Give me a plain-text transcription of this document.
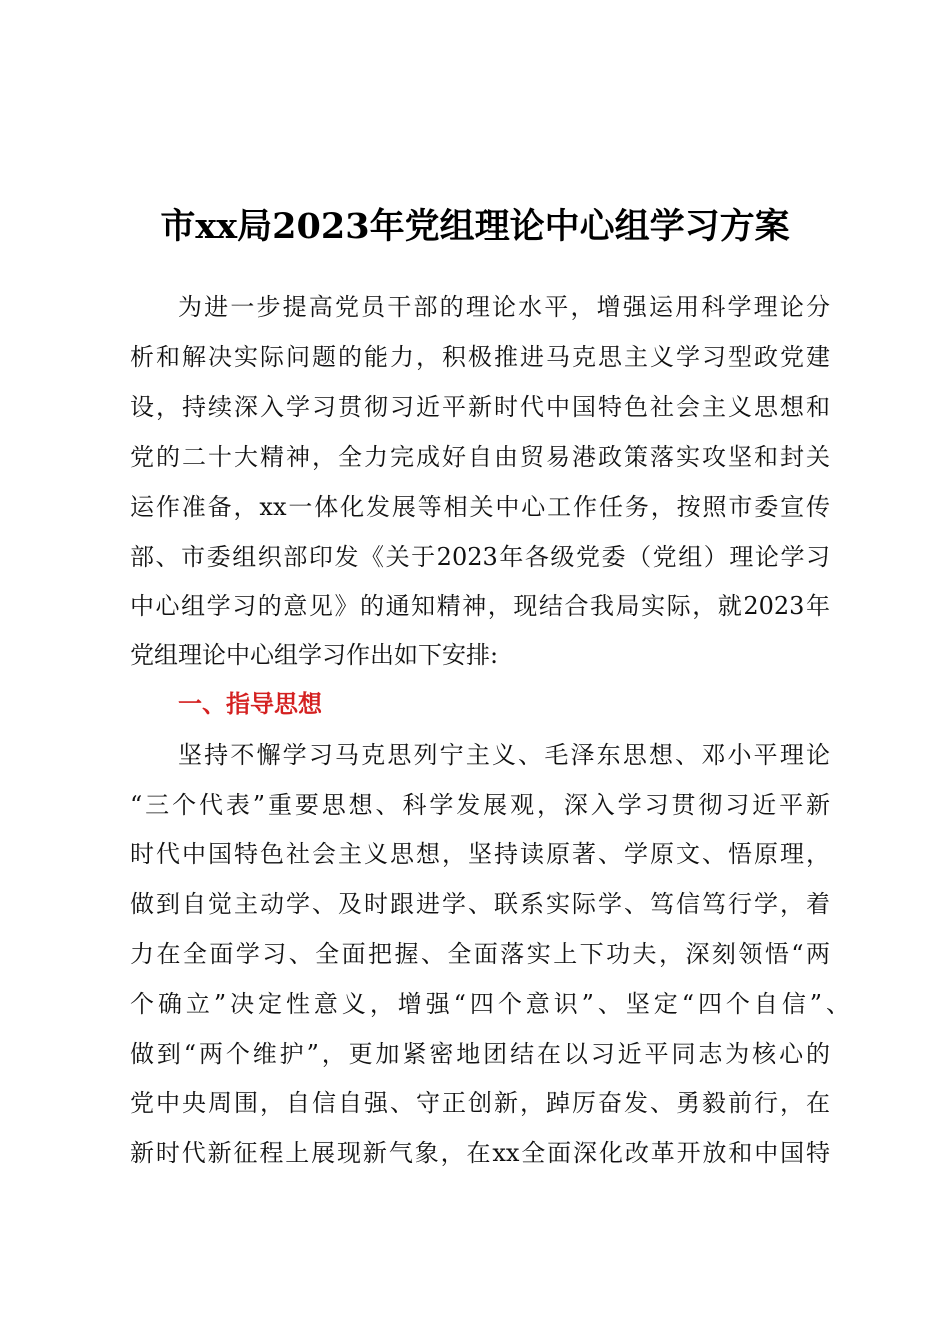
市xx局2023年党组理论中心组学习方案
为进一步提高党员干部的理论水平，增强运用科学理论分
析和解决实际问题的能力，积极推进马克思主义学习型政党建
设，持续深入学习贯彻习近平新时代中国特色社会主义思想和
党的二十大精神，全力完成好自由贸易港政策落实攻坚和封关
运作准备，xx一体化发展等相关中心工作任务，按照市委宣传
部、市委组织部印发《关于2023年各级党委（党组）理论学习
中心组学习的意见》的通知精神，现结合我局实际，就2023年
党组理论中心组学习作出如下安排:
一、指导思想
坚持不懈学习马克思列宁主义、毛泽东思想、邓小平理论
“三个代表”重要思想、科学发展观，深入学习贯彻习近平新
时代中国特色社会主义思想，坚持读原著、学原文、悟原理，
做到自觉主动学、及时跟进学、联系实际学、笃信笃行学，着
力在全面学习、全面把握、全面落实上下功夫，深刻领悟“两
个确立”决定性意义，增强“四个意识”、坚定“四个自信”、
做到“两个维护”，更加紧密地团结在以习近平同志为核心的
党中央周围，自信自强、守正创新，踔厉奋发、勇毅前行，在
新时代新征程上展现新气象，在xx全面深化改革开放和中国特
